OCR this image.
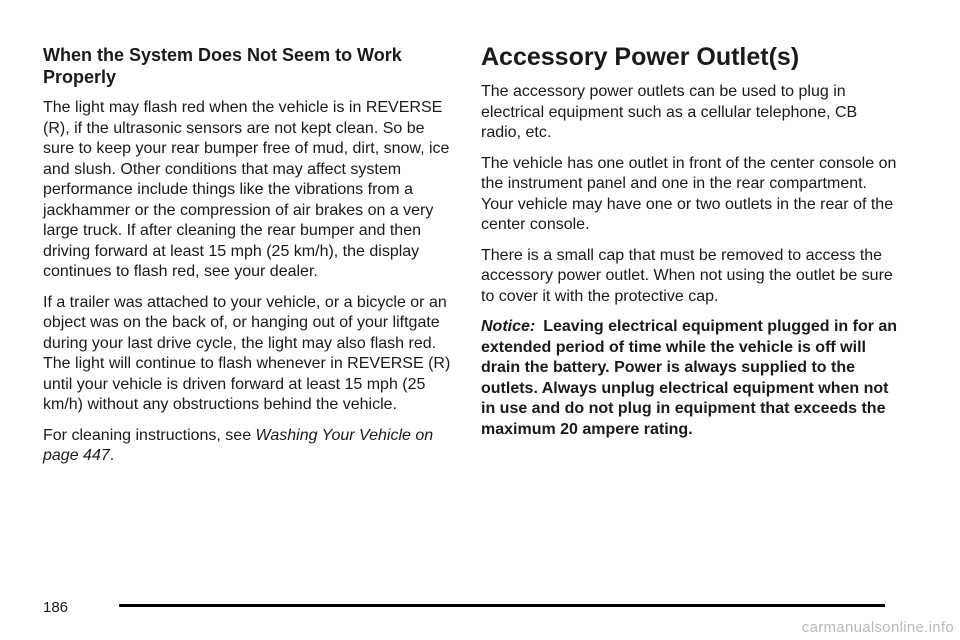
When the System Does Not Seem to Work Properly

The light may flash red when the vehicle is in REVERSE (R), if the ultrasonic sensors are not kept clean. So be sure to keep your rear bumper free of mud, dirt, snow, ice and slush. Other conditions that may affect system performance include things like the vibrations from a jackhammer or the compression of air brakes on a very large truck. If after cleaning the rear bumper and then driving forward at least 15 mph (25 km/h), the display continues to flash red, see your dealer.

If a trailer was attached to your vehicle, or a bicycle or an object was on the back of, or hanging out of your liftgate during your last drive cycle, the light may also flash red. The light will continue to flash whenever in REVERSE (R) until your vehicle is driven forward at least 15 mph (25 km/h) without any obstructions behind the vehicle.

For cleaning instructions, see Washing Your Vehicle on page 447.

Accessory Power Outlet(s)

The accessory power outlets can be used to plug in electrical equipment such as a cellular telephone, CB radio, etc.

The vehicle has one outlet in front of the center console on the instrument panel and one in the rear compartment. Your vehicle may have one or two outlets in the rear of the center console.

There is a small cap that must be removed to access the accessory power outlet. When not using the outlet be sure to cover it with the protective cap.

Notice: Leaving electrical equipment plugged in for an extended period of time while the vehicle is off will drain the battery. Power is always supplied to the outlets. Always unplug electrical equipment when not in use and do not plug in equipment that exceeds the maximum 20 ampere rating.

186
carmanualsonline.info
